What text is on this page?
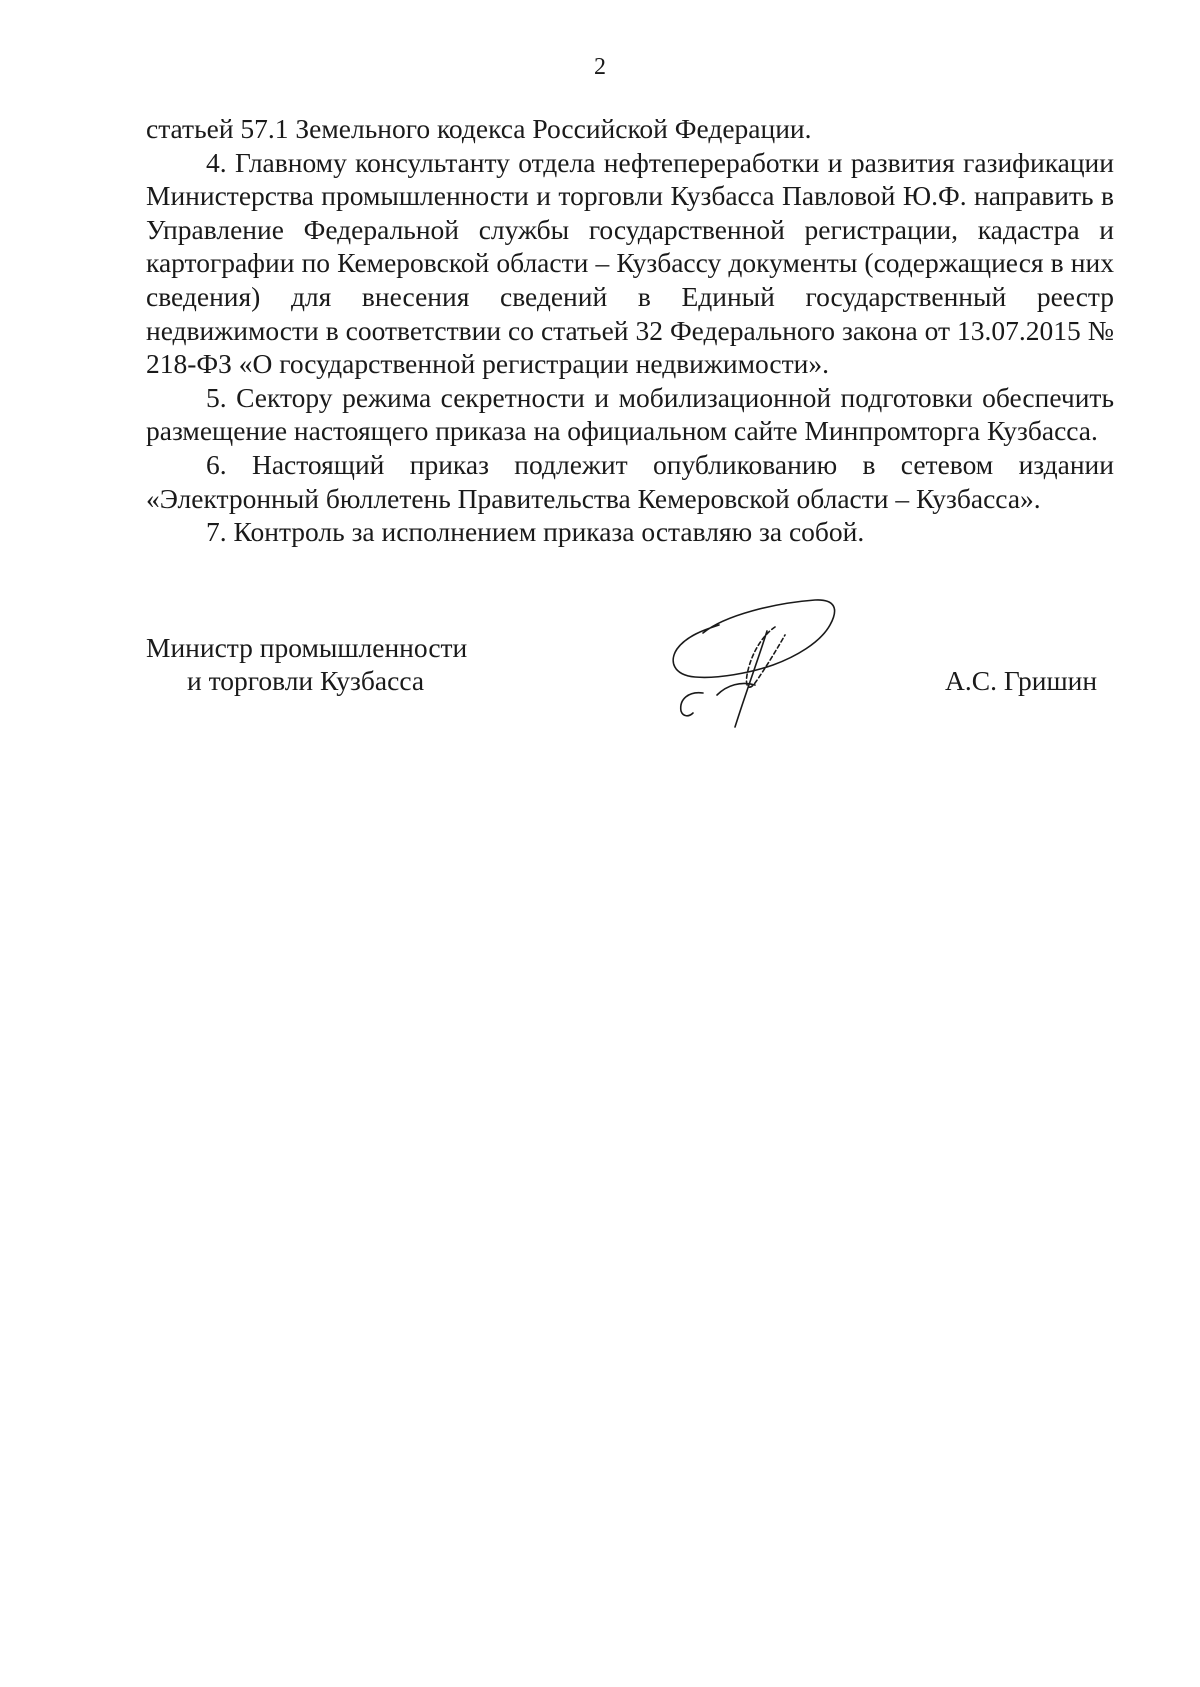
2

статьей 57.1 Земельного кодекса Российской Федерации.

4. Главному консультанту отдела нефтепереработки и развития газификации Министерства промышленности и торговли Кузбасса Павловой Ю.Ф. направить в Управление Федеральной службы государственной регистрации, кадастра и картографии по Кемеровской области – Кузбассу документы (содержащиеся в них сведения) для внесения сведений в Единый государственный реестр недвижимости в соответствии со статьей 32 Федерального закона от 13.07.2015 № 218-ФЗ «О государственной регистрации недвижимости».

5. Сектору режима секретности и мобилизационной подготовки обеспечить размещение настоящего приказа на официальном сайте Минпромторга Кузбасса.

6. Настоящий приказ подлежит опубликованию в сетевом издании «Электронный бюллетень Правительства Кемеровской области – Кузбасса».

7. Контроль за исполнением приказа оставляю за собой.

Министр промышленности
и торговли Кузбасса	А.С. Гришин
